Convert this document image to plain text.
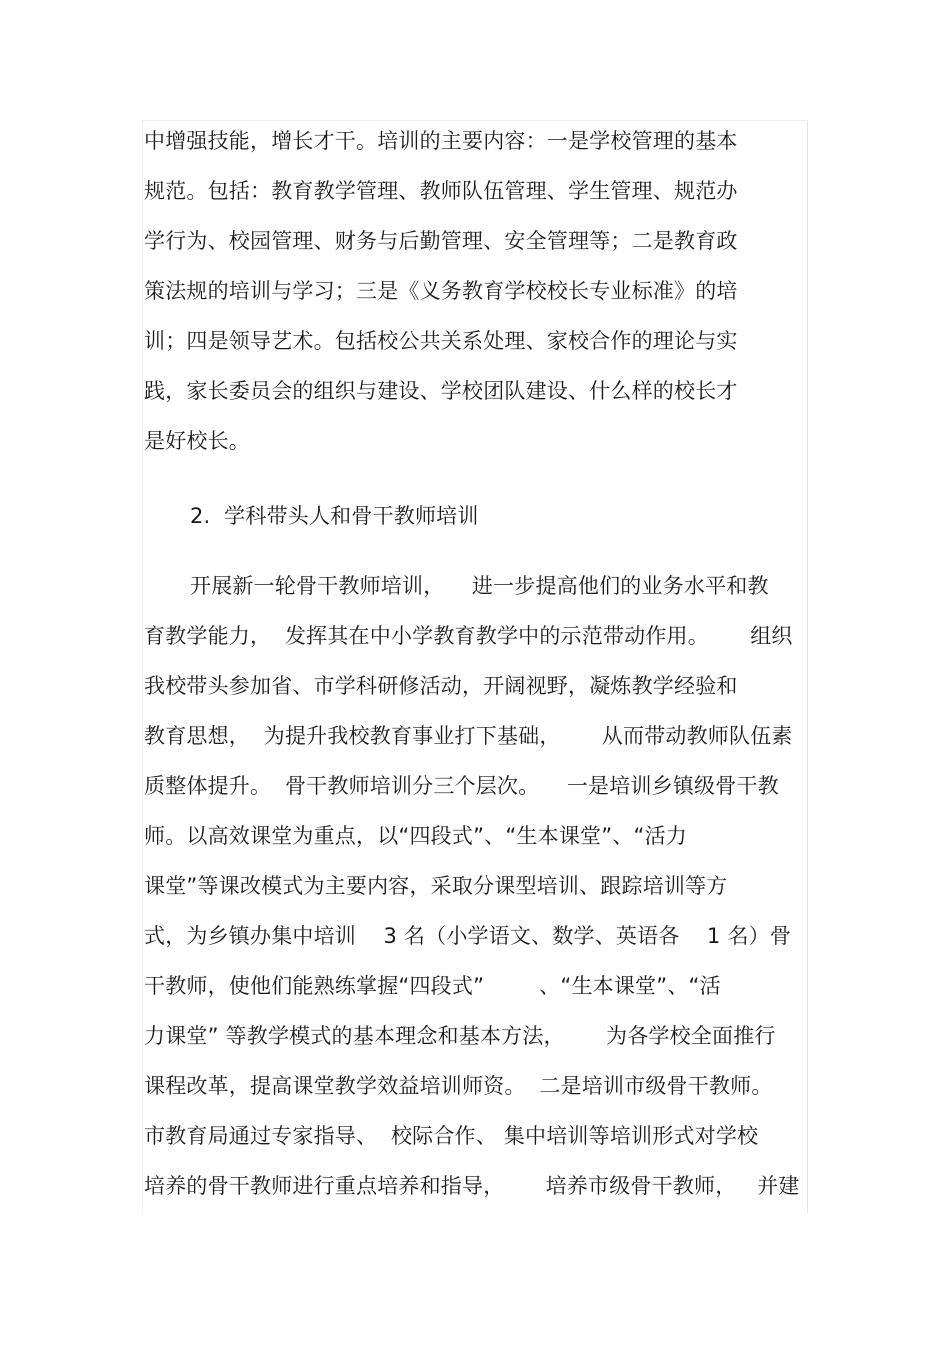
中增强技能，增长才干。培训的主要内容：一是学校管理的基本
规范。包括：教育教学管理、教师队伍管理、学生管理、规范办
学行为、校园管理、财务与后勤管理、安全管理等；二是教育政
策法规的培训与学习；三是《义务教育学校校长专业标准》的培
训；四是领导艺术。包括校公共关系处理、家校合作的理论与实
践，家长委员会的组织与建设、学校团队建设、什么样的校长才
是好校长。
2.  学科带头人和骨干教师培训
开展新一轮骨干教师培训，    进一步提高他们的业务水平和教
育教学能力，  发挥其在中小学教育教学中的示范带动作用。      组织
我校带头参加省、市学科研修活动，开阔视野，凝炼教学经验和
教育思想，  为提升我校教育事业打下基础，      从而带动教师队伍素
质整体提升。  骨干教师培训分三个层次。    一是培训乡镇级骨干教
师。以高效课堂为重点，以“四段式”、“生本课堂”、“活力
课堂”等课改模式为主要内容，采取分课型培训、跟踪培训等方
式，为乡镇办集中培训    3 名（小学语文、数学、英语各    1 名）骨
干教师，使他们能熟练掌握“四段式”        、“生本课堂”、“活
力课堂” 等教学模式的基本理念和基本方法，      为各学校全面推行
课程改革，提高课堂教学效益培训师资。  二是培训市级骨干教师。
市教育局通过专家指导、  校际合作、 集中培训等培训形式对学校
培养的骨干教师进行重点培养和指导，      培养市级骨干教师，   并建
